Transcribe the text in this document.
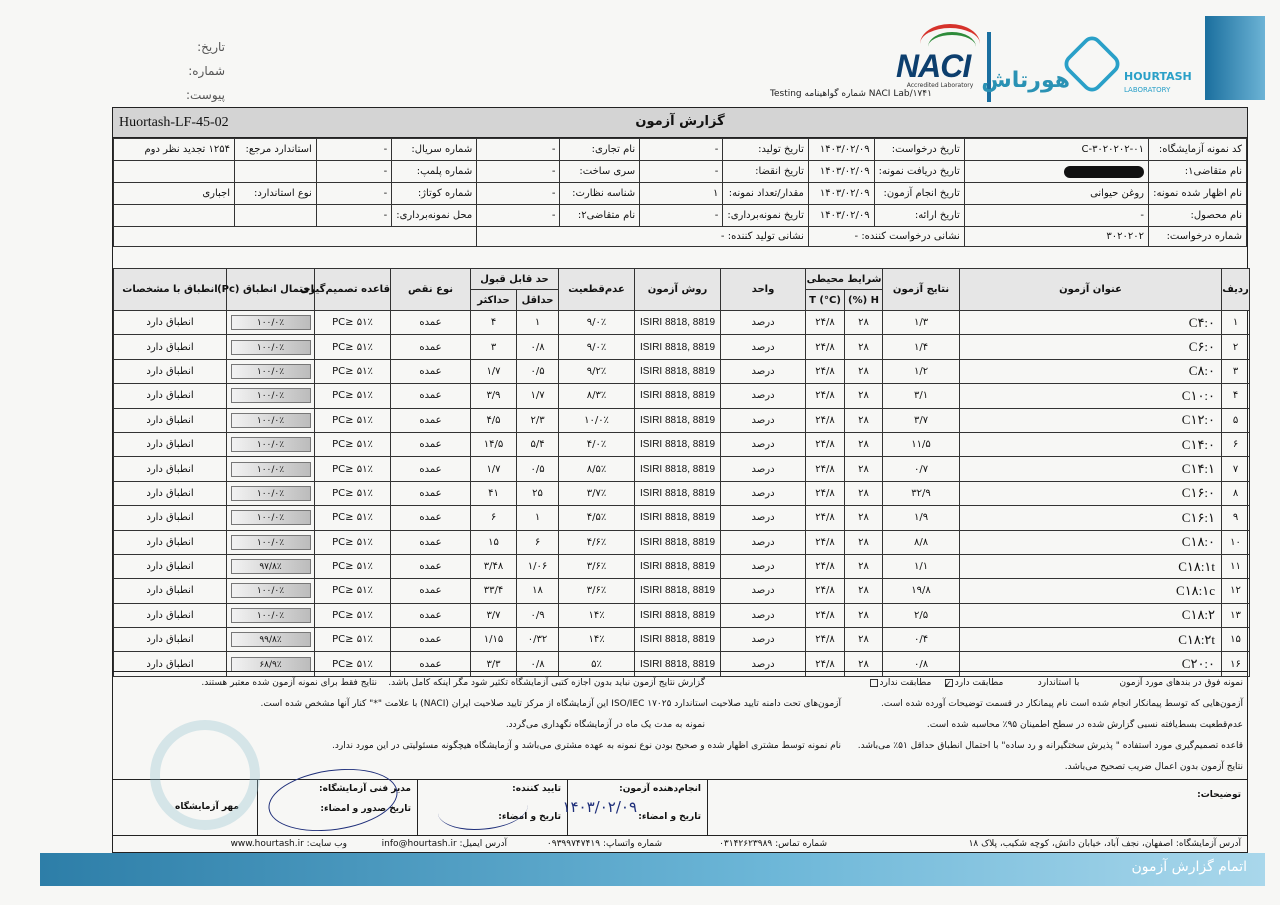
تاریخ:
شماره:
پیوست:
NACI
Accredited Laboratory
NACI Lab/۱۷۴۱ شماره گواهینامه Testing
هورتاش	HOURTASH
LABORATORY
گزارش آزمون
Huortash-LF-45-02
کد نمونه آزمایشگاه:	۳۰۲۰۲۰۲-۰۱-C	تاریخ درخواست:	۱۴۰۳/۰۲/۰۹	تاریخ تولید:	-	نام تجاری:	-	شماره سریال:	-	استاندارد مرجع:	۱۲۵۴ تجدید نظر دوم
نام متقاضی۱:		تاریخ دریافت نمونه:	۱۴۰۳/۰۲/۰۹	تاریخ انقضا:	-	سری ساخت:	-	شماره پلمپ:	-		
نام اظهار شده نمونه:	روغن حیوانی	تاریخ انجام آزمون:	۱۴۰۳/۰۲/۰۹	مقدار/تعداد نمونه:	۱	شناسه نظارت:	-	شماره کوتاژ:	-	نوع استاندارد:	اجباری
نام محصول:	-	تاریخ ارائه:	۱۴۰۳/۰۲/۰۹	تاریخ نمونه‌برداری:	-	نام متقاضی۲:	-	محل نمونه‌برداری:	-		
شماره درخواست:	۳۰۲۰۲۰۲	نشانی درخواست کننده: -		نشانی تولید کننده: -							
ردیف	عنوان آزمون	نتایج آزمون	شرایط محیطی		واحد	روش آزمون	عدم‌قطعیت	حد قابل قبول		نوع نقص	قاعده تصمیم‌گیری	احتمال انطباق (Pc)	انطباق با مشخصات
			H (%)	T (°C)				حداقل	حداکثر				
۱	C۴:۰	۱/۳	۲۸	۲۴/۸	درصد	ISIRI 8818, 8819	۹/۰٪	۱	۴	عمده	۵۱٪ ≤PC	۱۰۰/۰٪	انطباق دارد
۲	C۶:۰	۱/۴	۲۸	۲۴/۸	درصد	ISIRI 8818, 8819	۹/۰٪	۰/۸	۳	عمده	۵۱٪ ≤PC	۱۰۰/۰٪	انطباق دارد
۳	C۸:۰	۱/۲	۲۸	۲۴/۸	درصد	ISIRI 8818, 8819	۹/۲٪	۰/۵	۱/۷	عمده	۵۱٪ ≤PC	۱۰۰/۰٪	انطباق دارد
۴	C۱۰:۰	۳/۱	۲۸	۲۴/۸	درصد	ISIRI 8818, 8819	۸/۳٪	۱/۷	۳/۹	عمده	۵۱٪ ≤PC	۱۰۰/۰٪	انطباق دارد
۵	C۱۲:۰	۳/۷	۲۸	۲۴/۸	درصد	ISIRI 8818, 8819	۱۰/۰٪	۲/۳	۴/۵	عمده	۵۱٪ ≤PC	۱۰۰/۰٪	انطباق دارد
۶	C۱۴:۰	۱۱/۵	۲۸	۲۴/۸	درصد	ISIRI 8818, 8819	۴/۰٪	۵/۴	۱۴/۵	عمده	۵۱٪ ≤PC	۱۰۰/۰٪	انطباق دارد
۷	C۱۴:۱	۰/۷	۲۸	۲۴/۸	درصد	ISIRI 8818, 8819	۸/۵٪	۰/۵	۱/۷	عمده	۵۱٪ ≤PC	۱۰۰/۰٪	انطباق دارد
۸	C۱۶:۰	۳۲/۹	۲۸	۲۴/۸	درصد	ISIRI 8818, 8819	۳/۷٪	۲۵	۴۱	عمده	۵۱٪ ≤PC	۱۰۰/۰٪	انطباق دارد
۹	C۱۶:۱	۱/۹	۲۸	۲۴/۸	درصد	ISIRI 8818, 8819	۴/۵٪	۱	۶	عمده	۵۱٪ ≤PC	۱۰۰/۰٪	انطباق دارد
۱۰	C۱۸:۰	۸/۸	۲۸	۲۴/۸	درصد	ISIRI 8818, 8819	۴/۶٪	۶	۱۵	عمده	۵۱٪ ≤PC	۱۰۰/۰٪	انطباق دارد
۱۱	C۱۸:۱t	۱/۱	۲۸	۲۴/۸	درصد	ISIRI 8818, 8819	۳/۶٪	۱/۰۶	۳/۴۸	عمده	۵۱٪ ≤PC	۹۷/۸٪	انطباق دارد
۱۲	C۱۸:۱c	۱۹/۸	۲۸	۲۴/۸	درصد	ISIRI 8818, 8819	۳/۶٪	۱۸	۳۳/۴	عمده	۵۱٪ ≤PC	۱۰۰/۰٪	انطباق دارد
۱۳	C۱۸:۲	۲/۵	۲۸	۲۴/۸	درصد	ISIRI 8818, 8819	۱۴٪	۰/۹	۳/۷	عمده	۵۱٪ ≤PC	۱۰۰/۰٪	انطباق دارد
۱۵	C۱۸:۲t	۰/۴	۲۸	۲۴/۸	درصد	ISIRI 8818, 8819	۱۴٪	۰/۳۲	۱/۱۵	عمده	۵۱٪ ≤PC	۹۹/۸٪	انطباق دارد
۱۶	C۲۰:۰	۰/۸	۲۸	۲۴/۸	درصد	ISIRI 8818, 8819	۵٪	۰/۸	۳/۳	عمده	۵۱٪ ≤PC	۶۸/۹٪	انطباق دارد
نمونه فوق در بندهای مورد آزمون              با استاندارد            مطابقت دارد✓    مطابقت ندارد
گزارش نتایج آزمون نباید بدون اجازه کتبی آزمایشگاه تکثیر شود مگر اینکه کامل باشد.
نتایج فقط برای نمونه آزمون شده معتبر هستند.
آزمون‌هایی که توسط پیمانکار انجام شده است نام پیمانکار در قسمت توضیحات آورده شده است.
آزمون‌های تحت دامنه تایید صلاحیت استاندارد ISO/IEC ۱۷۰۲۵ این آزمایشگاه از مرکز تایید صلاحیت ایران (NACI) با علامت "*" کنار آنها مشخص شده است.
عدم‌قطعیت بسط‌یافته نسبی گزارش شده در سطح اطمینان ۹۵٪ محاسبه شده است.
نمونه به مدت یک ماه در آزمایشگاه نگهداری می‌گردد.
قاعده تصمیم‌گیری مورد استفاده " پذیرش سختگیرانه و رد ساده" با احتمال انطباق حداقل ۵۱٪ می‌باشد.
نام نمونه توسط مشتری اظهار شده و صحیح بودن نوع نمونه به عهده مشتری می‌باشد و آزمایشگاه هیچگونه مسئولیتی در این مورد ندارد.
نتایج آزمون بدون اعمال ضریب تصحیح می‌باشد.
توضیحات:
انجام‌دهنده آزمون:
تاریخ و امضاء:
۱۴۰۳/۰۲/۰۹
تایید کننده:
تاریخ و امضاء:
مدیر فنی آزمایشگاه:
تاریخ صدور و امضاء:
مهر آزمایشگاه
آدرس آزمایشگاه: اصفهان، نجف آباد، خیابان دانش، کوچه شکیب، پلاک ۱۸
شماره تماس: ۰۳۱۴۲۶۲۳۹۸۹
شماره واتساپ: ۰۹۳۹۹۷۴۷۴۱۹
آدرس ایمیل: info@hourtash.ir
وب سایت: www.hourtash.ir
اتمام گزارش آزمون
